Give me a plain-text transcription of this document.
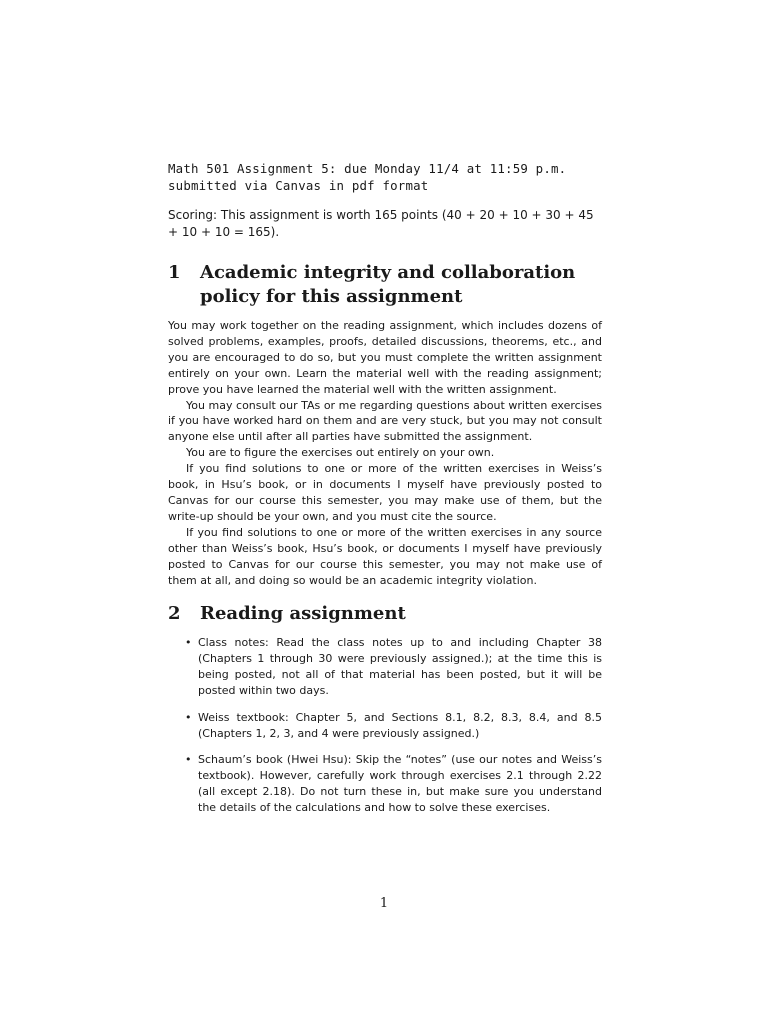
Math 501 Assignment 5: due Monday 11/4 at 11:59 p.m. submitted via Canvas in pdf format

Scoring: This assignment is worth 165 points (40 + 20 + 10 + 30 + 45 + 10 + 10 = 165).

1	Academic integrity and collaboration policy for this assignment

You may work together on the reading assignment, which includes dozens of solved problems, examples, proofs, detailed discussions, theorems, etc., and you are encouraged to do so, but you must complete the written assignment entirely on your own. Learn the material well with the reading assignment; prove you have learned the material well with the written assignment.

You may consult our TAs or me regarding questions about written exercises if you have worked hard on them and are very stuck, but you may not consult anyone else until after all parties have submitted the assignment.

You are to figure the exercises out entirely on your own.

If you find solutions to one or more of the written exercises in Weiss’s book, in Hsu’s book, or in documents I myself have previously posted to Canvas for our course this semester, you may make use of them, but the write-up should be your own, and you must cite the source.

If you find solutions to one or more of the written exercises in any source other than Weiss’s book, Hsu’s book, or documents I myself have previously posted to Canvas for our course this semester, you may not make use of them at all, and doing so would be an academic integrity violation.

2	Reading assignment
• Class notes: Read the class notes up to and including Chapter 38 (Chapters 1 through 30 were previously assigned.); at the time this is being posted, not all of that material has been posted, but it will be posted within two days.
• Weiss textbook: Chapter 5, and Sections 8.1, 8.2, 8.3, 8.4, and 8.5 (Chapters 1, 2, 3, and 4 were previously assigned.)
• Schaum’s book (Hwei Hsu): Skip the “notes” (use our notes and Weiss’s textbook). However, carefully work through exercises 2.1 through 2.22 (all except 2.18). Do not turn these in, but make sure you understand the details of the calculations and how to solve these exercises.
1
